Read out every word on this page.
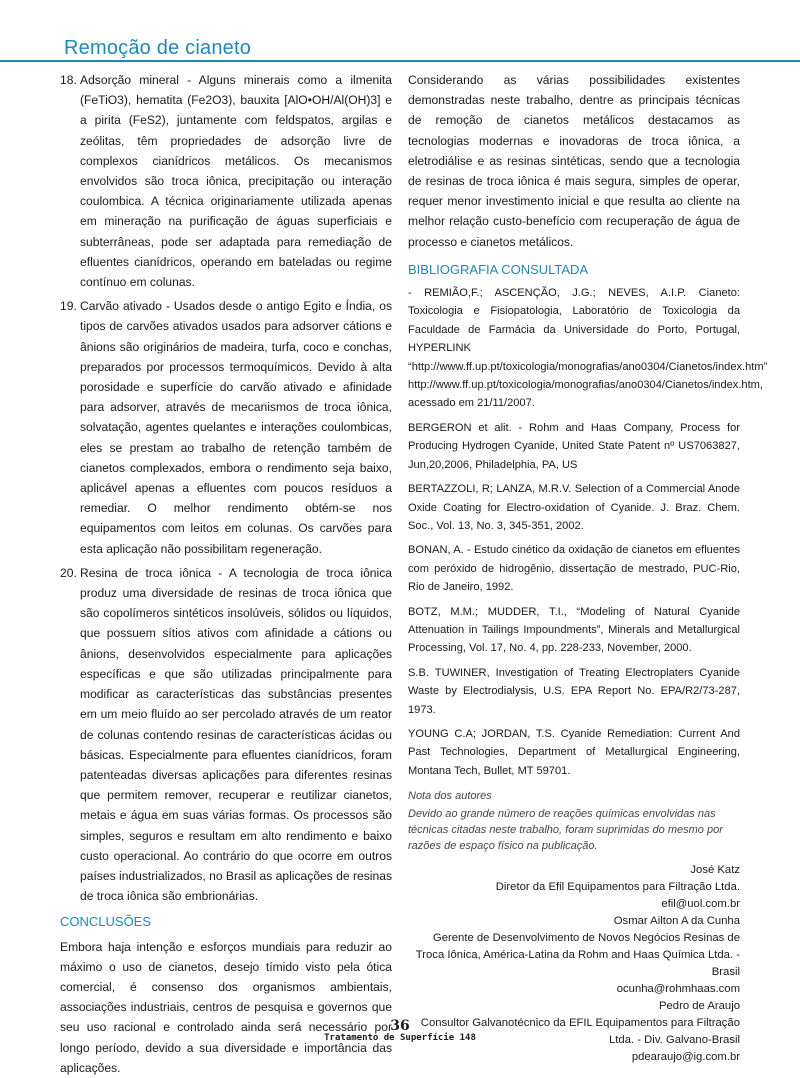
Remoção de cianeto
18. Adsorção mineral - Alguns minerais como a ilmenita (FeTiO3), hematita (Fe2O3), bauxita [AlO•OH/Al(OH)3] e a pirita (FeS2), juntamente com feldspatos, argilas e zeólitas, têm propriedades de adsorção livre de complexos cianídricos metálicos. Os mecanismos envolvidos são troca iônica, precipitação ou interação coulombica. A técnica originariamente utilizada apenas em mineração na purificação de águas superficiais e subterrâneas, pode ser adaptada para remediação de efluentes cianídricos, operando em bateladas ou regime contínuo em colunas.
19. Carvão ativado - Usados desde o antigo Egito e Índia, os tipos de carvões ativados usados para adsorver cátions e ânions são originários de madeira, turfa, coco e conchas, preparados por processos termoquímicos. Devido à alta porosidade e superfície do carvão ativado e afinidade para adsorver, através de mecanismos de troca iônica, solvatação, agentes quelantes e interações coulombicas, eles se prestam ao trabalho de retenção também de cianetos complexados, embora o rendimento seja baixo, aplicável apenas a efluentes com poucos resíduos a remediar. O melhor rendimento obtém-se nos equipamentos com leitos em colunas. Os carvões para esta aplicação não possibilitam regeneração.
20. Resina de troca iônica - A tecnologia de troca iônica produz uma diversidade de resinas de troca iônica que são copolímeros sintéticos insolúveis, sólidos ou líquidos, que possuem sítios ativos com afinidade a cátions ou ânions, desenvolvidos especialmente para aplicações específicas e que são utilizadas principalmente para modificar as características das substâncias presentes em um meio fluído ao ser percolado através de um reator de colunas contendo resinas de características ácidas ou básicas. Especialmente para efluentes cianídricos, foram patenteadas diversas aplicações para diferentes resinas que permitem remover, recuperar e reutilizar cianetos, metais e água em suas várias formas. Os processos são simples, seguros e resultam em alto rendimento e baixo custo operacional. Ao contrário do que ocorre em outros países industrializados, no Brasil as aplicações de resinas de troca iônica são embrionárias.
CONCLUSÕES
Embora haja intenção e esforços mundiais para reduzir ao máximo o uso de cianetos, desejo tímido visto pela ótica comercial, é consenso dos organismos ambientais, associações industriais, centros de pesquisa e governos que seu uso racional e controlado ainda será necessário por longo período, devido a sua diversidade e importância das aplicações.
Considerando as várias possibilidades existentes demonstradas neste trabalho, dentre as principais técnicas de remoção de cianetos metálicos destacamos as tecnologias modernas e inovadoras de troca iônica, a eletrodiálise e as resinas sintéticas, sendo que a tecnologia de resinas de troca iônica é mais segura, simples de operar, requer menor investimento inicial e que resulta ao cliente na melhor relação custo-benefício com recuperação de água de processo e cianetos metálicos.
BIBLIOGRAFIA CONSULTADA
- REMIÃO,F.; ASCENÇÃO, J.G.; NEVES, A.I.P. Cianeto: Toxicologia e Fisiopatologia, Laboratório de Toxicologia da Faculdade de Farmácia da Universidade do Porto, Portugal, HYPERLINK “http://www.ff.up.pt/toxicologia/monografias/ano0304/Cianetos/index.htm” http://www.ff.up.pt/toxicologia/monografias/ano0304/Cianetos/index.htm, acessado em 21/11/2007.
BERGERON et alit. - Rohm and Haas Company, Process for Producing Hydrogen Cyanide, United State Patent nº US7063827, Jun,20,2006, Philadelphia, PA, US
BERTAZZOLI, R; LANZA, M.R.V. Selection of a Commercial Anode Oxide Coating for Electro-oxidation of Cyanide. J. Braz. Chem. Soc., Vol. 13, No. 3, 345-351, 2002.
BONAN, A. - Estudo cinético da oxidação de cianetos em efluentes com peróxido de hidrogênio, dissertação de mestrado, PUC-Rio, Rio de Janeiro, 1992.
BOTZ, M.M.; MUDDER, T.I., “Modeling of Natural Cyanide Attenuation in Tailings Impoundments”, Minerals and Metallurgical Processing, Vol. 17, No. 4, pp. 228-233, November, 2000.
S.B. TUWINER, Investigation of Treating Electroplaters Cyanide Waste by Electrodialysis, U.S. EPA Report No. EPA/R2/73-287, 1973.
YOUNG C.A; JORDAN, T.S. Cyanide Remediation: Current And Past Technologies, Department of Metallurgical Engineering, Montana Tech, Bullet, MT 59701.
Nota dos autores
Devido ao grande número de reações químicas envolvidas nas técnicas citadas neste trabalho, foram suprimidas do mesmo por razões de espaço físico na publicação.
José Katz
Diretor da Efil Equipamentos para Filtração Ltda.
efil@uol.com.br
Osmar Ailton A da Cunha
Gerente de Desenvolvimento de Novos Negócios Resinas de Troca Iônica, América-Latina da Rohm and Haas Química Ltda. - Brasil
ocunha@rohmhaas.com
Pedro de Araujo
Consultor Galvanotécnico da EFIL Equipamentos para Filtração Ltda. - Div. Galvano-Brasil
pdearaujo@ig.com.br
36
Tratamento de Superfície 148
